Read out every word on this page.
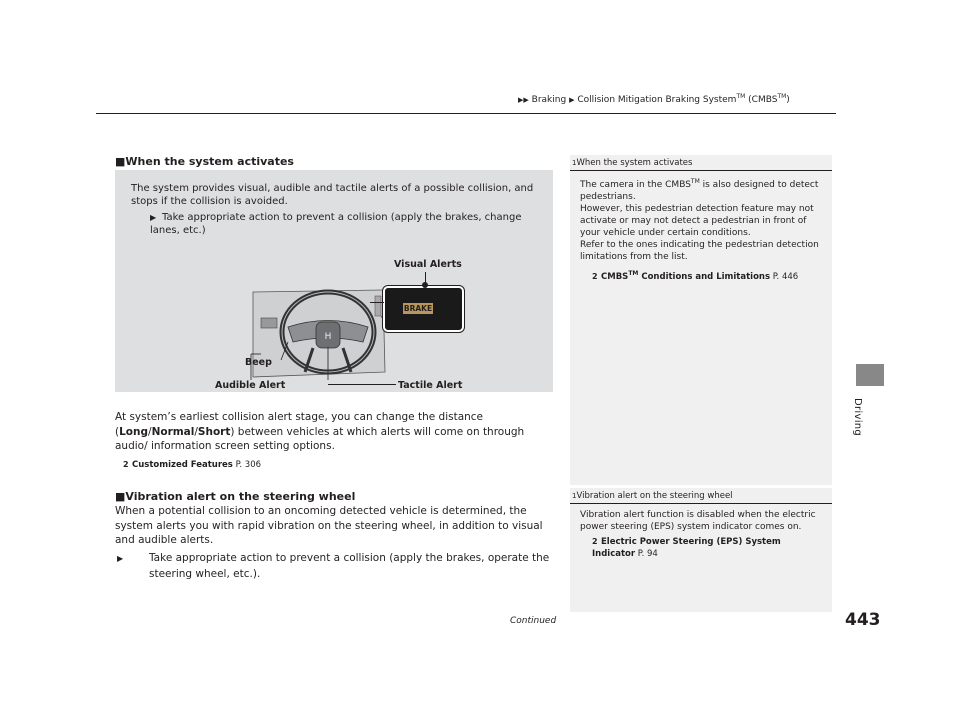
▶▶ Braking ▶ Collision Mitigation Braking System™ (CMBS™)
Driving
■When the system activates
The system provides visual, audible and tactile alerts of a possible collision, and stops if the collision is avoided.
▶ Take appropriate action to prevent a collision (apply the brakes, change lanes, etc.)
H
BRAKE
Visual Alerts
Beep
Audible Alert	Tactile Alert
At system’s earliest collision alert stage, you can change the distance (Long/Normal/Short) between vehicles at which alerts will come on through audio/ information screen setting options.
2 Customized Features P. 306
■Vibration alert on the steering wheel
When a potential collision to an oncoming detected vehicle is determined, the system alerts you with rapid vibration on the steering wheel, in addition to visual and audible alerts.
▶ Take appropriate action to prevent a collision (apply the brakes, operate the steering wheel, etc.).
1When the system activates
The camera in the CMBS™ is also designed to detect pedestrians.
However, this pedestrian detection feature may not activate or may not detect a pedestrian in front of your vehicle under certain conditions.
Refer to the ones indicating the pedestrian detection limitations from the list.
2 CMBS™ Conditions and Limitations P. 446
1Vibration alert on the steering wheel
Vibration alert function is disabled when the electric power steering (EPS) system indicator comes on.
2 Electric Power Steering (EPS) System Indicator P. 94
Continued	443
